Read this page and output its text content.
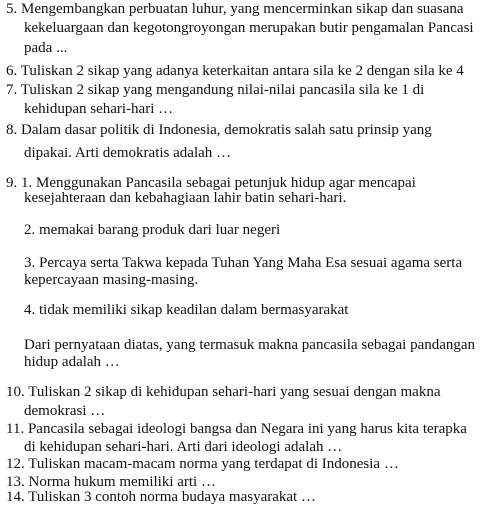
5. Mengembangkan perbuatan luhur, yang mencerminkan sikap dan suasana
kekeluargaan dan kegotongroyongan merupakan butir pengamalan Pancasi
pada ...
6. Tuliskan 2 sikap yang adanya keterkaitan antara sila ke 2 dengan sila ke 4
7. Tuliskan 2 sikap yang mengandung nilai-nilai pancasila sila ke 1 di
kehidupan sehari-hari …
8. Dalam dasar politik di Indonesia, demokratis salah satu prinsip yang
dipakai. Arti demokratis adalah …
9. 1. Menggunakan Pancasila sebagai petunjuk hidup agar mencapai
kesejahteraan dan kebahagiaan lahir batin sehari-hari.
2. memakai barang produk dari luar negeri
3. Percaya serta Takwa kepada Tuhan Yang Maha Esa sesuai agama serta
kepercayaan masing-masing.
4. tidak memiliki sikap keadilan dalam bermasyarakat
Dari pernyataan diatas, yang termasuk makna pancasila sebagai pandangan
hidup adalah …
10. Tuliskan 2 sikap di kehidupan sehari-hari yang sesuai dengan makna
demokrasi …
11. Pancasila sebagai ideologi bangsa dan Negara ini yang harus kita terapka
di kehidupan sehari-hari. Arti dari ideologi adalah …
12. Tuliskan macam-macam norma yang terdapat di Indonesia …
13. Norma hukum memiliki arti …
14. Tuliskan 3 contoh norma budaya masyarakat …
